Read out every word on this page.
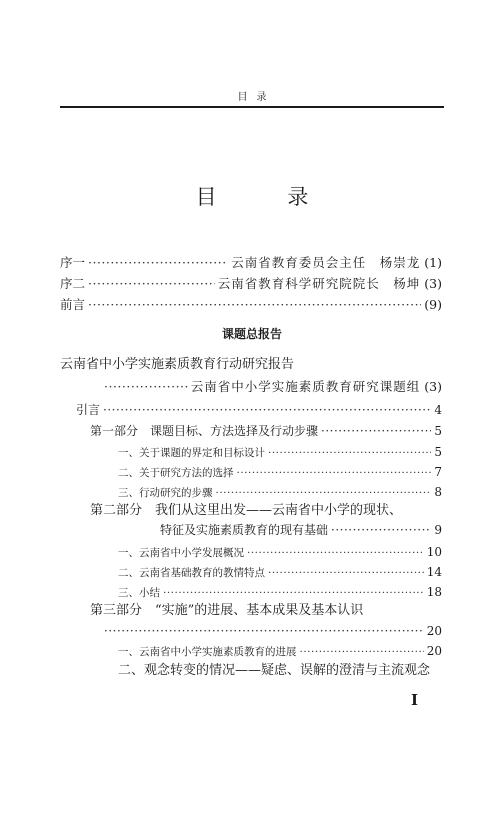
目录
目 录
序一 ·····	云南省教育委员会主任　杨崇龙 (1)
序二 ·····	云南省教育科学研究院院长　杨坤 (3)
前言 ·····	(9)
课题总报告
云南省中小学实施素质教育行动研究报告
·····
云南省中小学实施素质教育研究课题组 (3)
引言 ·····	4
第一部分　课题目标、方法选择及行动步骤 ·····	5
一、关于课题的界定和目标设计 ·····	5
二、关于研究方法的选择 ·····	7
三、行动研究的步骤 ·····	8
第二部分　我们从这里出发——云南省中小学的现状、
特征及实施素质教育的现有基础 ·····	9
一、云南省中小学发展概况 ·····	10
二、云南省基础教育的教情特点 ·····	14
三、小结 ·····	18
第三部分　“实施”的进展、基本成果及基本认识
·····
20
一、云南省中小学实施素质教育的进展 ·····	20
二、观念转变的情况——疑虑、误解的澄清与主流观念
I
